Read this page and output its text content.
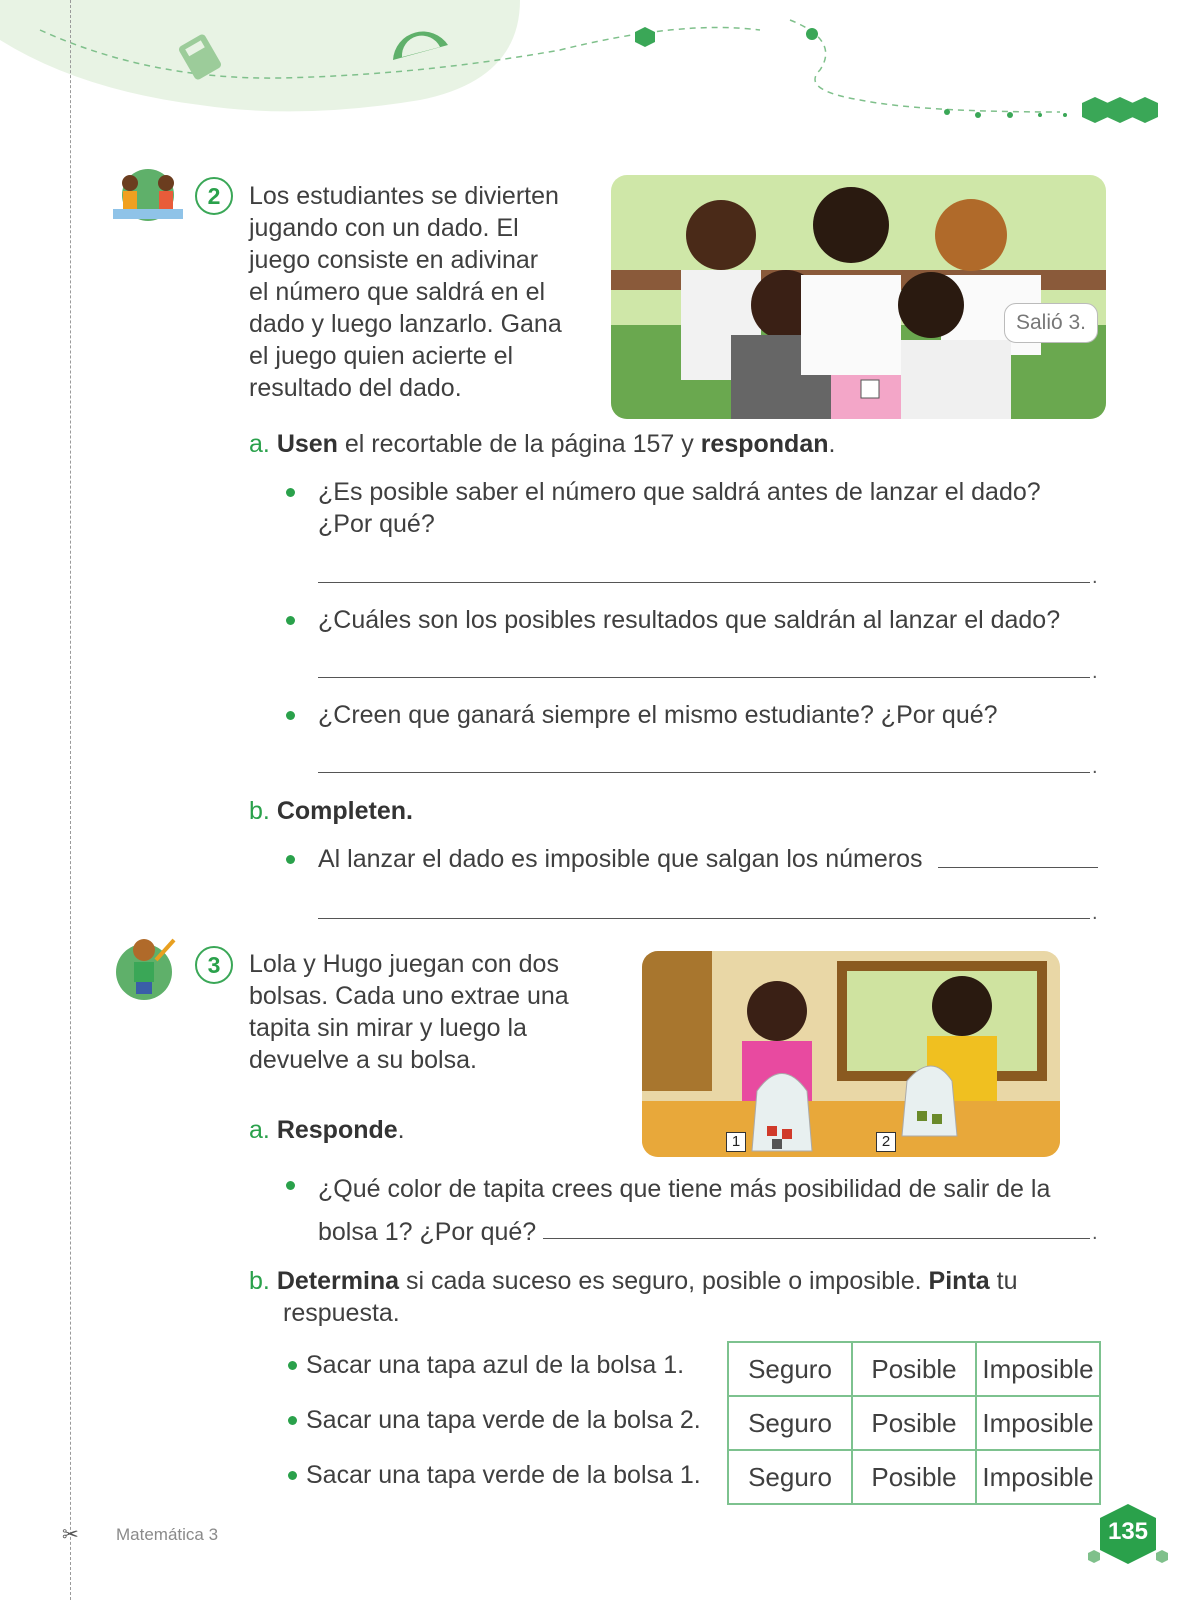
✂
2	Los estudiantes se divierten
jugando con un dado. El
juego consiste en adivinar
el número que saldrá en el
dado y luego lanzarlo. Gana
el juego quien acierte el
resultado del dado.
Salió 3.
a. Usen el recortable de la página 157 y respondan.
¿Es posible saber el número que saldrá antes de lanzar el dado?
¿Por qué?
.
¿Cuáles son los posibles resultados que saldrán al lanzar el dado?
.
¿Creen que ganará siempre el mismo estudiante? ¿Por qué?
.
b. Completen.
Al lanzar el dado es imposible que salgan los números
.
3	Lola y Hugo juegan con dos
bolsas. Cada uno extrae una
tapita sin mirar y luego la
devuelve a su bolsa.
1	2
a. Responde.
¿Qué color de tapita crees que tiene más posibilidad de salir de la
bolsa 1? ¿Por qué?	.
b. Determina si cada suceso es seguro, posible o imposible. Pinta tu
respuesta.
Sacar una tapa azul de la bolsa 1.
Sacar una tapa verde de la bolsa 2.
Sacar una tapa verde de la bolsa 1.
Seguro	Posible	Imposible
Seguro	Posible	Imposible
Seguro	Posible	Imposible
Matemática 3	135
